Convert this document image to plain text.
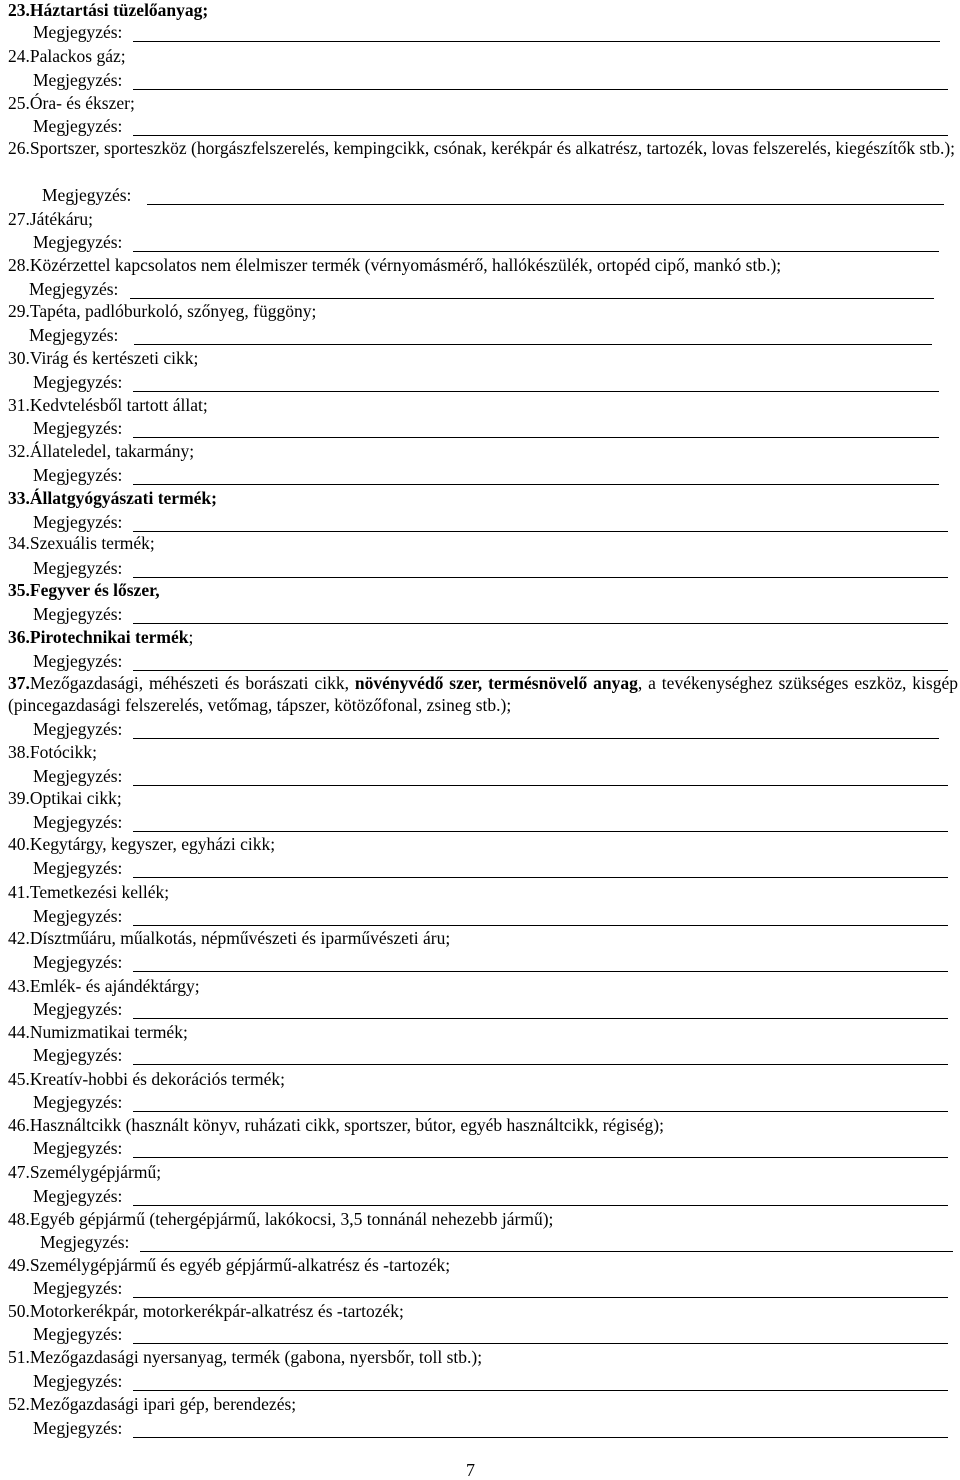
23.Háztartási tüzelőanyag;
Megjegyzés:
24.Palackos gáz;
Megjegyzés:
25.Óra- és ékszer;
Megjegyzés:
26.Sportszer, sporteszköz (horgászfelszerelés, kempingcikk, csónak, kerékpár és alkatrész, tartozék, lovas felszerelés, kiegészítők stb.);
Megjegyzés:
27.Játékáru;
Megjegyzés:
28.Közérzettel kapcsolatos nem élelmiszer termék (vérnyomásmérő, hallókészülék, ortopéd cipő, mankó stb.);
Megjegyzés:
29.Tapéta, padlóburkoló, szőnyeg, függöny;
Megjegyzés:
30.Virág és kertészeti cikk;
Megjegyzés:
31.Kedvtelésből tartott állat;
Megjegyzés:
32.Állateledel, takarmány;
Megjegyzés:
33.Állatgyógyászati termék;
Megjegyzés:
34.Szexuális termék;
Megjegyzés:
35.Fegyver és lőszer,
Megjegyzés:
36.Pirotechnikai termék;
Megjegyzés:
37.Mezőgazdasági, méhészeti és borászati cikk, növényvédő szer, termésnövelő anyag, a tevékenységhez szükséges eszköz, kisgép (pincegazdasági felszerelés, vetőmag, tápszer, kötözőfonal, zsineg stb.);
Megjegyzés:
38.Fotócikk;
Megjegyzés:
39.Optikai cikk;
Megjegyzés:
40.Kegytárgy, kegyszer, egyházi cikk;
Megjegyzés:
41.Temetkezési kellék;
Megjegyzés:
42.Dísztműáru, műalkotás, népművészeti és iparművészeti áru;
Megjegyzés:
43.Emlék- és ajándéktárgy;
Megjegyzés:
44.Numizmatikai termék;
Megjegyzés:
45.Kreatív-hobbi és dekorációs termék;
Megjegyzés:
46.Használtcikk (használt könyv, ruházati cikk, sportszer, bútor, egyéb használtcikk, régiség);
Megjegyzés:
47.Személygépjármű;
Megjegyzés:
48.Egyéb gépjármű (tehergépjármű, lakókocsi, 3,5 tonnánál nehezebb jármű);
Megjegyzés:
49.Személygépjármű és egyéb gépjármű-alkatrész és -tartozék;
Megjegyzés:
50.Motorkerékpár, motorkerékpár-alkatrész és -tartozék;
Megjegyzés:
51.Mezőgazdasági nyersanyag, termék (gabona, nyersbőr, toll stb.);
Megjegyzés:
52.Mezőgazdasági ipari gép, berendezés;
Megjegyzés:
7
